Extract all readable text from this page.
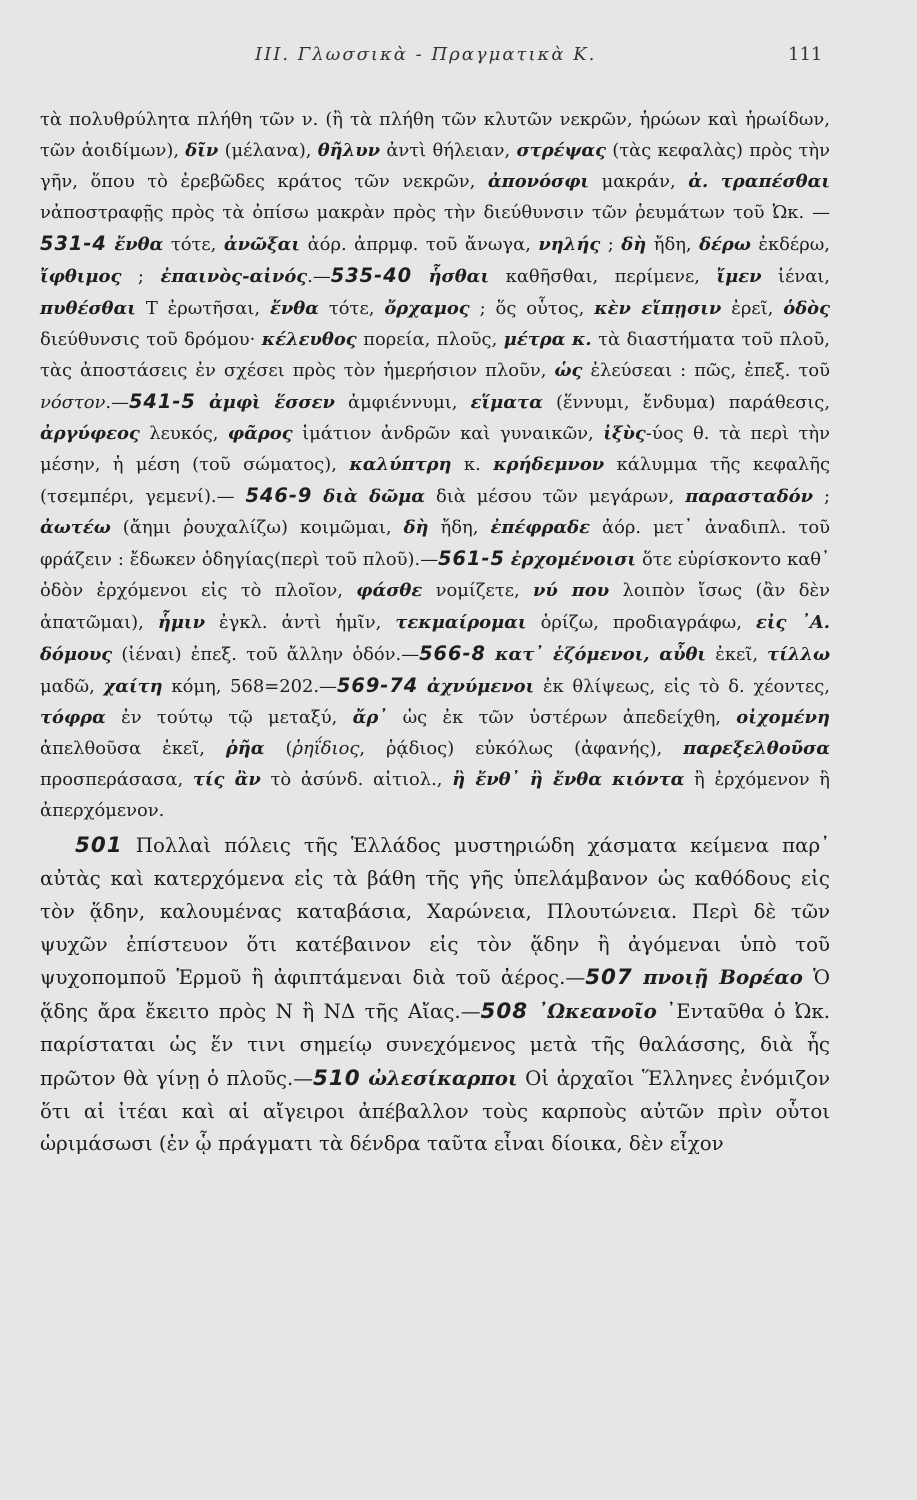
III. Γλωσσικὰ - Πραγματικὰ Κ.	111

τὰ πολυθρύλητα πλήθη τῶν ν. (ἢ τὰ πλήθη τῶν κλυτῶν νεκρῶν, ἡρώων καὶ ἡρωίδων, τῶν ἀοιδίμων), δῖν (μέλανα), θῆλυν ἀντὶ θήλειαν, στρέψας (τὰς κεφαλὰς) πρὸς τὴν γῆν, ὅπου τὸ ἐρεβῶδες κράτος τῶν νεκρῶν, ἀπονόσφι μακράν, ἀ. τραπέσθαι νἀποστραφῇς πρὸς τὰ ὀπίσω μακρὰν πρὸς τὴν διεύθυνσιν τῶν ῥευμάτων τοῦ Ὠκ. —531-4 ἔνθα τότε, ἀνῶξαι ἀόρ. ἀπρμφ. τοῦ ἄνωγα, νηλής ; δὴ ἤδη, δέρω ἐκδέρω, ἴφθιμος ; ἐπαινὸς-αἰνός.—535-40 ἧσθαι καθῆσθαι, περίμενε, ἴμεν ἰέναι, πυθέσθαι Τ ἐρωτῆσαι, ἔνθα τότε, ὄρχαμος ; ὅς οὗτος, κὲν εἴπῃσιν ἐρεῖ, ὁδὸς διεύθυνσις τοῦ δρόμου· κέλευθος πορεία, πλοῦς, μέτρα κ. τὰ διαστήματα τοῦ πλοῦ, τὰς ἀποστάσεις ἐν σχέσει πρὸς τὸν ἡμερήσιον πλοῦν, ὡς ἐλεύσεαι : πῶς, ἐπεξ. τοῦ νόστον.—541-5 ἀμφὶ ἕσσεν ἀμφιέννυμι, εἵματα (ἕννυμι, ἔνδυμα) παράθεσις, ἀργύφεος λευκός, φᾶρος ἱμάτιον ἀνδρῶν καὶ γυναικῶν, ἰξὺς-ύος θ. τὰ περὶ τὴν μέσην, ἡ μέση (τοῦ σώματος), καλύπτρη κ. κρήδεμνον κάλυμμα τῆς κεφαλῆς (τσεμπέρι, γεμενί).— 546-9 διὰ δῶμα διὰ μέσου τῶν μεγάρων, παρασταδόν ; ἀωτέω (ἄημι ῥουχαλίζω) κοιμῶμαι, δὴ ἤδη, ἐπέφραδε ἀόρ. μετ᾽ ἀναδιπλ. τοῦ φράζειν : ἔδωκεν ὁδηγίας(περὶ τοῦ πλοῦ).—561-5 ἐρχομένοισι ὅτε εὑρίσκοντο καθ᾽ ὁδὸν ἐρχόμενοι εἰς τὸ πλοῖον, φάσθε νομίζετε, νύ που λοιπὸν ἴσως (ἂν δὲν ἀπατῶμαι), ἧμιν ἐγκλ. ἀντὶ ἡμῖν, τεκμαίρομαι ὁρίζω, προδιαγράφω, εἰς ᾽Α. δόμους (ἰέναι) ἐπεξ. τοῦ ἄλλην ὁδόν.—566-8 κατ᾽ ἑζόμενοι, αὖθι ἐκεῖ, τίλλω μαδῶ, χαίτη κόμη, 568=202.—569-74 ἀχνύμενοι ἐκ θλίψεως, εἰς τὸ δ. χέοντες, τόφρα ἐν τούτῳ τῷ μεταξύ, ἄρ᾽ ὡς ἐκ τῶν ὑστέρων ἀπεδείχθη, οἰχομένη ἀπελθοῦσα ἐκεῖ, ῥῆα (ῥηΐδιος, ῥᾴδιος) εὐκόλως (ἀφανής), παρεξελθοῦσα προσπεράσασα, τίς ἂν τὸ ἀσύνδ. αἰτιολ., ἢ ἔνθ᾽ ἢ ἔνθα κιόντα ἢ ἐρχόμενον ἢ ἀπερχόμενον.

501 Πολλαὶ πόλεις τῆς Ἑλλάδος μυστηριώδη χάσματα κείμενα παρ᾽ αὐτὰς καὶ κατερχόμενα εἰς τὰ βάθη τῆς γῆς ὑπελάμβανον ὡς καθόδους εἰς τὸν ᾅδην, καλουμένας καταβάσια, Χαρώνεια, Πλουτώνεια. Περὶ δὲ τῶν ψυχῶν ἐπίστευον ὅτι κατέβαινον εἰς τὸν ᾅδην ἢ ἀγόμεναι ὑπὸ τοῦ ψυχοπομποῦ Ἑρμοῦ ἢ ἀφιπτάμεναι διὰ τοῦ ἀέρος.—507 πνοιῇ Βορέαο Ὁ ᾅδης ἄρα ἔκειτο πρὸς Ν ἢ ΝΔ τῆς Αἴας.—508 ᾽Ωκεανοῖο ᾽Ενταῦθα ὁ Ὠκ. παρίσταται ὡς ἕν τινι σημείῳ συνεχόμενος μετὰ τῆς θαλάσσης, διὰ ἧς πρῶτον θὰ γίνῃ ὁ πλοῦς.—510 ὠλεσίκαρποι Οἱ ἀρχαῖοι Ἕλληνες ἐνόμιζον ὅτι αἱ ἰτέαι καὶ αἱ αἴγειροι ἀπέβαλλον τοὺς καρποὺς αὐτῶν πρὶν οὗτοι ὡριμάσωσι (ἐν ᾧ πράγματι τὰ δένδρα ταῦτα εἶναι δίοικα, δὲν εἶχον
